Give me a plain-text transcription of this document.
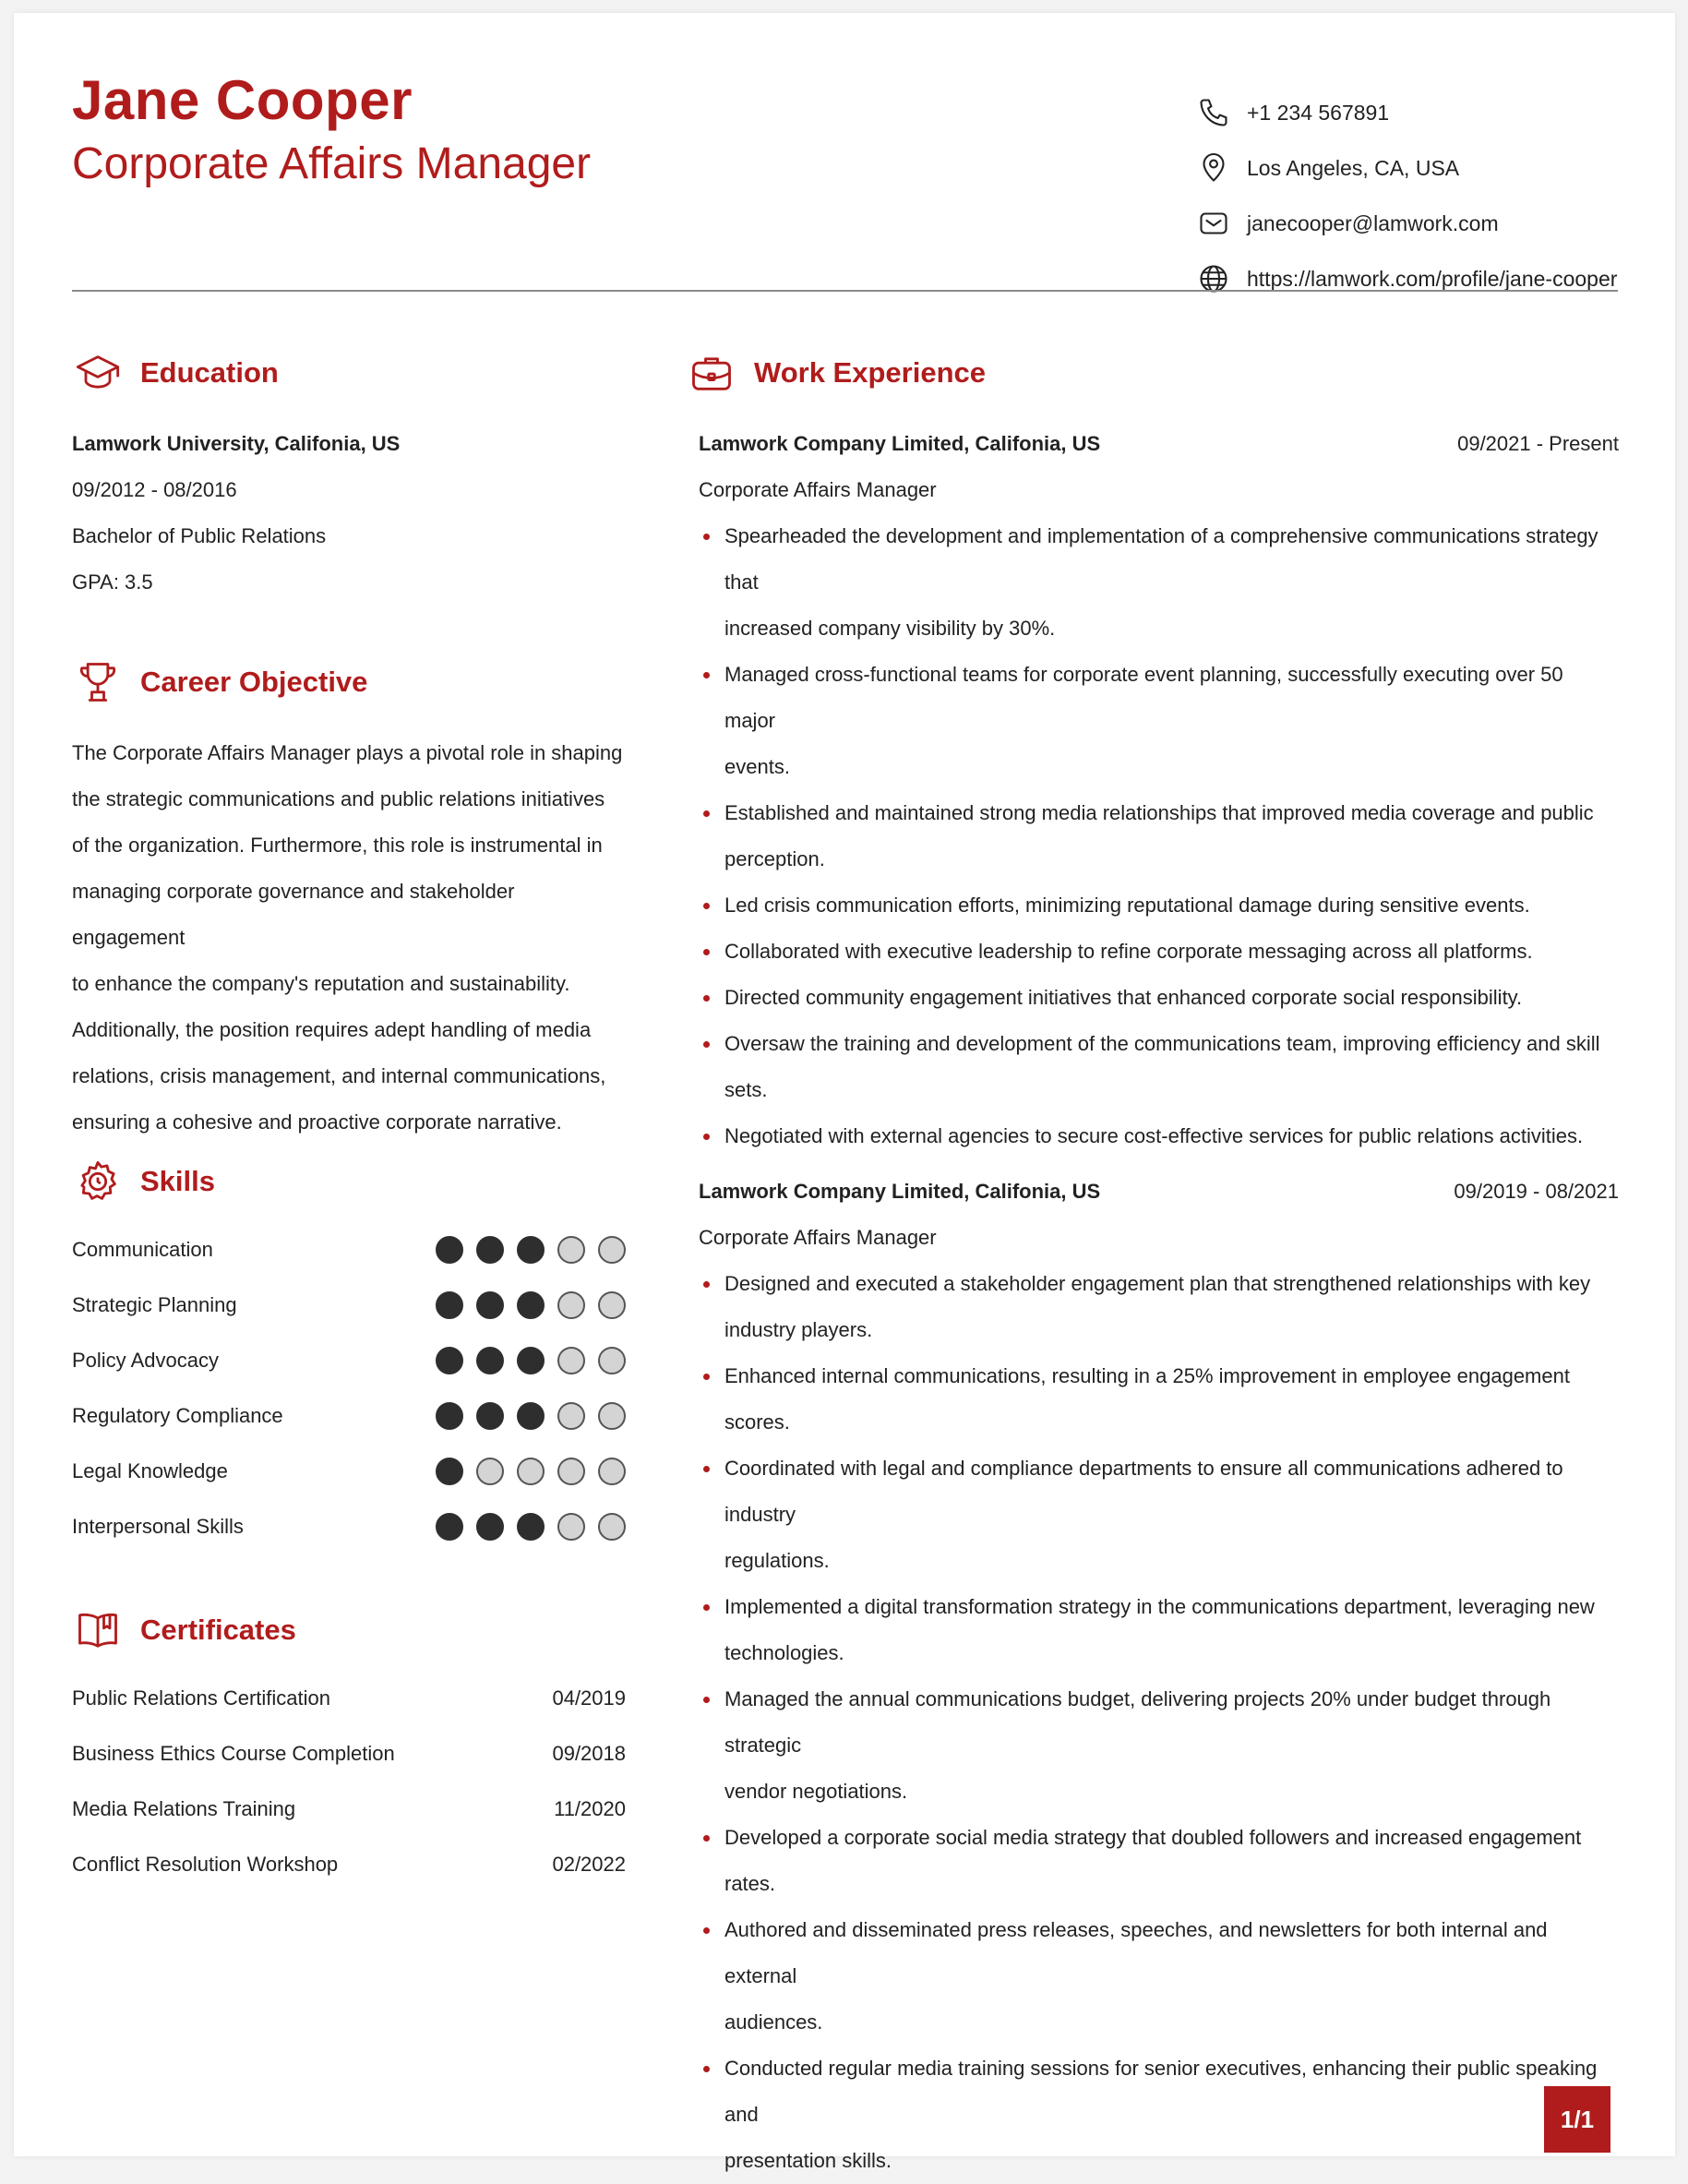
Jane Cooper
Corporate Affairs Manager
+1 234 567891
Los Angeles, CA, USA
janecooper@lamwork.com
https://lamwork.com/profile/jane-cooper
Education
Lamwork University, Califonia, US
09/2012 - 08/2016
Bachelor of Public Relations
GPA: 3.5
Career Objective
The Corporate Affairs Manager plays a pivotal role in shaping
the strategic communications and public relations initiatives
of the organization. Furthermore, this role is instrumental in
managing corporate governance and stakeholder engagement
to enhance the company's reputation and sustainability.
Additionally, the position requires adept handling of media
relations, crisis management, and internal communications,
ensuring a cohesive and proactive corporate narrative.
Skills
Communication
Strategic Planning
Policy Advocacy
Regulatory Compliance
Legal Knowledge
Interpersonal Skills
Certificates
Public Relations Certification	04/2019
Business Ethics Course Completion	09/2018
Media Relations Training	11/2020
Conflict Resolution Workshop	02/2022
Work Experience
Lamwork Company Limited, Califonia, US	09/2021 - Present
Corporate Affairs Manager
Spearheaded the development and implementation of a comprehensive communications strategy that
increased company visibility by 30%.
Managed cross-functional teams for corporate event planning, successfully executing over 50 major
events.
Established and maintained strong media relationships that improved media coverage and public
perception.
Led crisis communication efforts, minimizing reputational damage during sensitive events.
Collaborated with executive leadership to refine corporate messaging across all platforms.
Directed community engagement initiatives that enhanced corporate social responsibility.
Oversaw the training and development of the communications team, improving efficiency and skill
sets.
Negotiated with external agencies to secure cost-effective services for public relations activities.
Lamwork Company Limited, Califonia, US	09/2019 - 08/2021
Corporate Affairs Manager
Designed and executed a stakeholder engagement plan that strengthened relationships with key
industry players.
Enhanced internal communications, resulting in a 25% improvement in employee engagement scores.
Coordinated with legal and compliance departments to ensure all communications adhered to industry
regulations.
Implemented a digital transformation strategy in the communications department, leveraging new
technologies.
Managed the annual communications budget, delivering projects 20% under budget through strategic
vendor negotiations.
Developed a corporate social media strategy that doubled followers and increased engagement rates.
Authored and disseminated press releases, speeches, and newsletters for both internal and external
audiences.
Conducted regular media training sessions for senior executives, enhancing their public speaking and
presentation skills.
1/1
